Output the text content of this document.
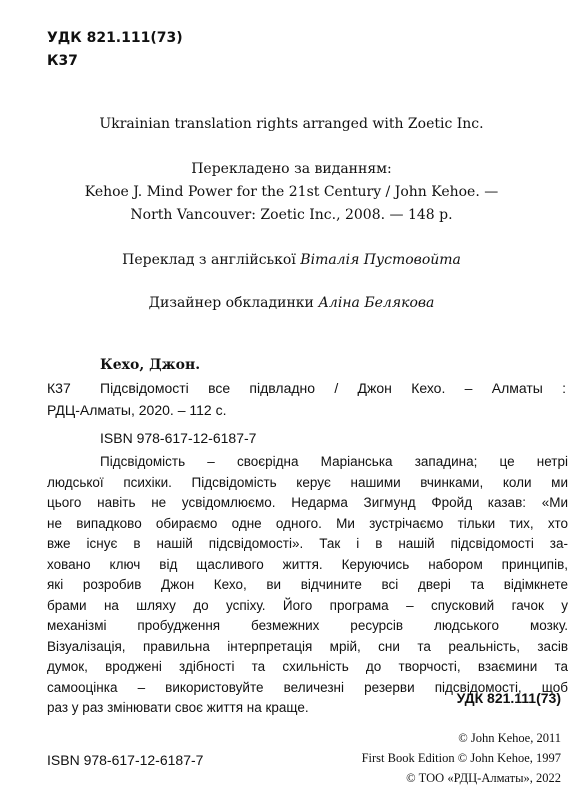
УДК 821.111(73)
К37
Ukrainian translation rights arranged with Zoetic Inc.
Перекладено за виданням:
Kehoe J. Mind Power for the 21st Century / John Kehoe. —
North Vancouver: Zoetic Inc., 2008. — 148 p.
Переклад з англійської Віталія Пустовойта
Дизайнер обкладинки Аліна Белякова
Кехо, Джон.
К37 Підсвідомості все підвладно / Джон Кехо. – Алматы :
РДЦ-Алматы, 2020. – 112 с.
ISBN 978-617-12-6187-7
Підсвідомість – своєрідна Маріанська западина; це нетрі
людської психіки. Підсвідомість керує нашими вчинками, коли ми
цього навіть не усвідомлюємо. Недарма Зигмунд Фройд казав: «Ми
не випадково обираємо одне одного. Ми зустрічаємо тільки тих, хто
вже існує в нашій підсвідомості». Так і в нашій підсвідомості за-
ховано ключ від щасливого життя. Керуючись набором принципів,
які розробив Джон Кехо, ви відчините всі двері та відімкнете
брами на шляху до успіху. Його програма – спусковий гачок у
механізмі пробудження безмежних ресурсів людського мозку.
Візуалізація, правильна інтерпретація мрій, сни та реальність, засів
думок, вроджені здібності та схильність до творчості, взаємини та
самооцінка – використовуйте величезні резерви підсвідомості, щоб
раз у раз змінювати своє життя на краще.
УДК 821.111(73)
© John Kehoe, 2011
First Book Edition © John Kehoe, 1997
© ТОО «РДЦ-Алматы», 2022
ISBN 978-617-12-6187-7
